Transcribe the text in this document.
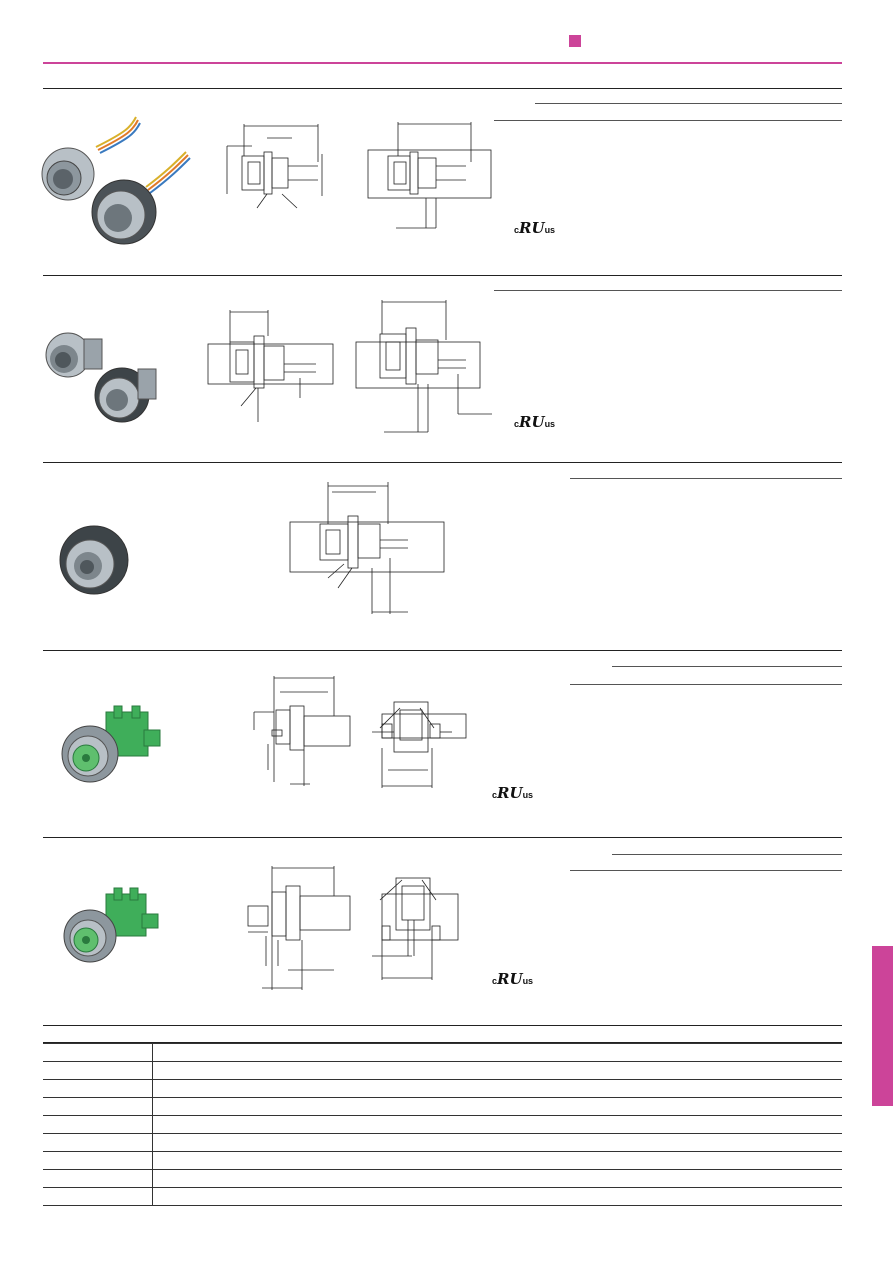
cRUus
cRUus
cRUus
cRUus
